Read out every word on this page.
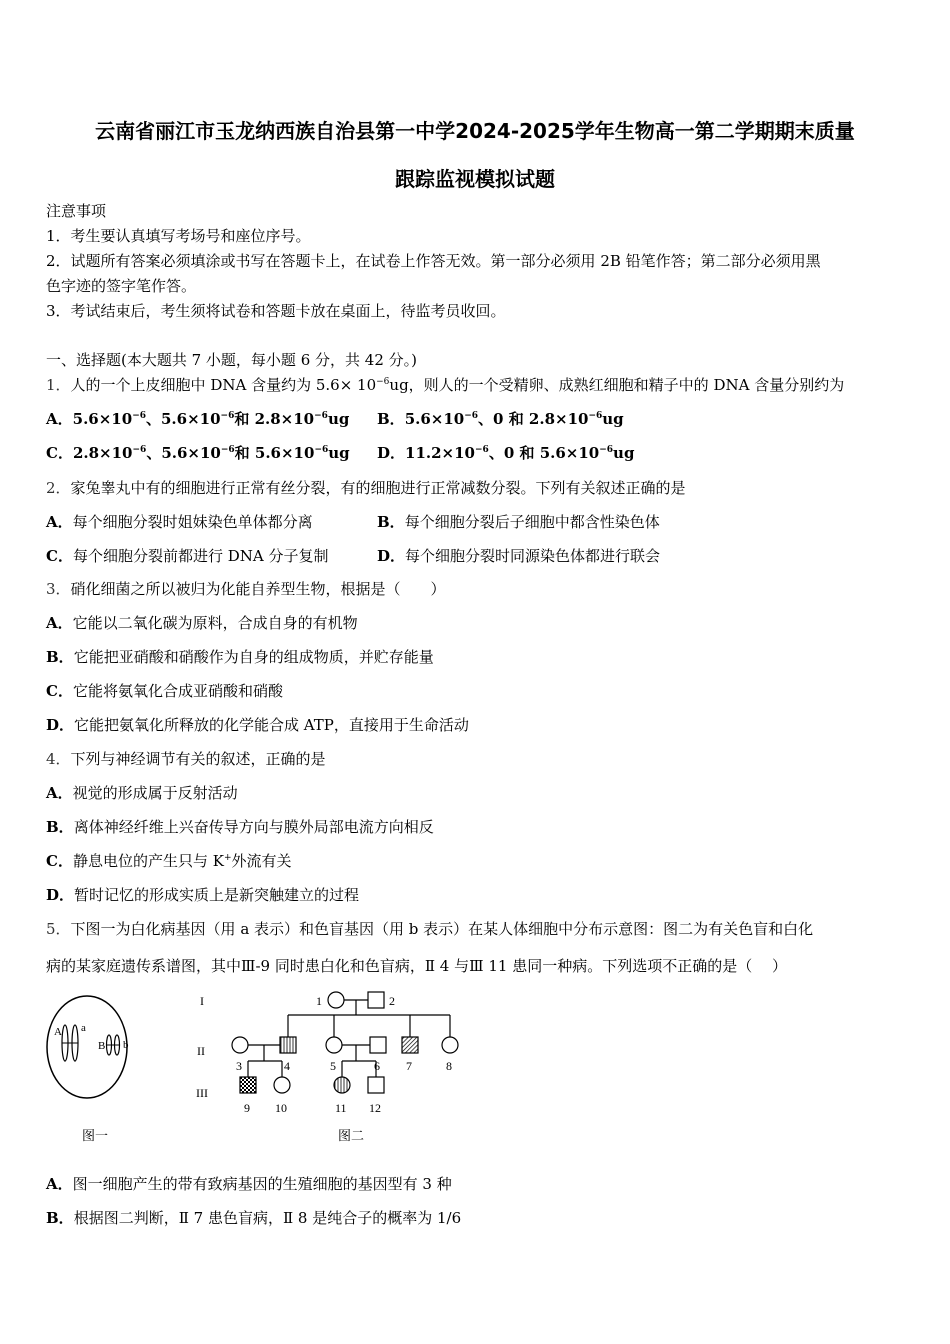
云南省丽江市玉龙纳西族自治县第一中学2024-2025学年生物高一第二学期期末质量
跟踪监视模拟试题
注意事项
1．考生要认真填写考场号和座位序号。
2．试题所有答案必须填涂或书写在答题卡上，在试卷上作答无效。第一部分必须用 2B 铅笔作答；第二部分必须用黑
色字迹的签字笔作答。
3．考试结束后，考生须将试卷和答题卡放在桌面上，待监考员收回。
一、选择题(本大题共 7 小题，每小题 6 分，共 42 分。)
1．人的一个上皮细胞中 DNA 含量约为 $5.6\times 10^{-6}ug$，则人的一个受精卵、成熟红细胞和精子中的 DNA 含量分别约为
A．$5.6\times 10^{-6}$、$5.6\times 10^{-6}$和 $2.8\times 10^{-6}ug$ B．$5.6\times 10^{-6}$、0 和 $2.8\times 10^{-6}ug$
C．$2.8\times 10^{-6}$、$5.6\times 10^{-6}$和 $5.6\times 10^{-6}ug$ D．$11.2\times 10^{-6}$、0 和 $5.6\times 10^{-6}ug$
2．家兔睾丸中有的细胞进行正常有丝分裂，有的细胞进行正常减数分裂。下列有关叙述正确的是
A．每个细胞分裂时姐妹染色单体都分离	B．每个细胞分裂后子细胞中都含性染色体
C．每个细胞分裂前都进行 DNA 分子复制	D．每个细胞分裂时同源染色体都进行联会
3．硝化细菌之所以被归为化能自养型生物，根据是（　　）
A．它能以二氧化碳为原料，合成自身的有机物
B．它能把亚硝酸和硝酸作为自身的组成物质，并贮存能量
C．它能将氨氧化合成亚硝酸和硝酸
D．它能把氨氧化所释放的化学能合成 ATP，直接用于生命活动
4．下列与神经调节有关的叙述，正确的是
A．视觉的形成属于反射活动
B．离体神经纤维上兴奋传导方向与膜外局部电流方向相反
C．静息电位的产生只与 K+外流有关
D．暂时记忆的形成实质上是新突触建立的过程
5．下图一为白化病基因（用 a 表示）和色盲基因（用 b 表示）在某人体细胞中分布示意图：图二为有关色盲和白化
病的某家庭遗传系谱图，其中Ⅲ-9 同时患白化和色盲病，Ⅱ 4 与Ⅲ 11 患同一种病。下列选项不正确的是（　 ）
A a
B b
图一
I
II
III
1	2
3	4	5	6 7	8
9 10	11 12
图二
A．图一细胞产生的带有致病基因的生殖细胞的基因型有 3 种
B．根据图二判断，Ⅱ 7 患色盲病，Ⅱ 8 是纯合子的概率为 1/6
